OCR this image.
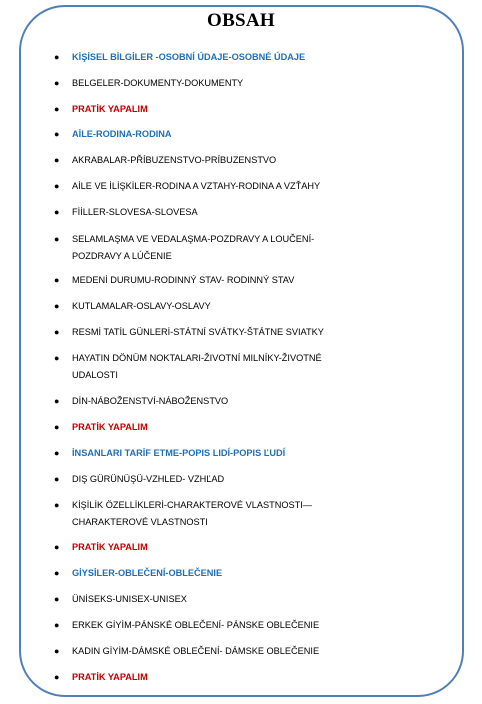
OBSAH
● KİŞİSEL BİLGİLER -OSOBNÍ ÚDAJE-OSOBNÉ ÚDAJE
● BELGELER-DOKUMENTY-DOKUMENTY
● PRATİK YAPALIM
● AİLE-RODINA-RODINA
● AKRABALAR-PŘÍBUZENSTVO-PRÍBUZENSTVO
● AİLE VE İLİŞKİLER-RODINA A VZTAHY-RODINA A VZŤAHY
● FİİLLER-SLOVESA-SLOVESA
● SELAMLAŞMA VE VEDALAŞMA-POZDRAVY A LOUČENÍ-POZDRAVY A LÚČENIE
● MEDENİ DURUMU-RODINNÝ STAV- RODINNÝ STAV
● KUTLAMALAR-OSLAVY-OSLAVY
● RESMİ TATİL GÜNLERİ-STÁTNÍ SVÁTKY-ŠTÁTNE SVIATKY
● HAYATIN DÖNÜM NOKTALARI-ŽIVOTNÍ MILNÍKY-ŽIVOTNÉ UDALOSTI
● DİN-NÁBOŽENSTVÍ-NÁBOŽENSTVO
● PRATİK YAPALIM
● İNSANLARI TARİF ETME-POPIS LIDÍ-POPIS ĽUDÍ
● DIŞ GÜRÜNÜŞÜ-VZHLED- VZHĽAD
● KİŞİLİK ÖZELLİKLERİ-CHARAKTEROVÉ VLASTNOSTI—CHARAKTEROVÉ VLASTNOSTI
● PRATİK YAPALIM
● GİYSİLER-OBLEČENÍ-OBLEČENIE
● ÜNİSEKS-UNISEX-UNISEX
● ERKEK GİYİM-PÁNSKÉ OBLEČENÍ- PÁNSKE OBLEČENIE
● KADIN GİYİM-DÁMSKÉ OBLEČENÍ- DÁMSKE OBLEČENIE
● PRATİK YAPALIM
